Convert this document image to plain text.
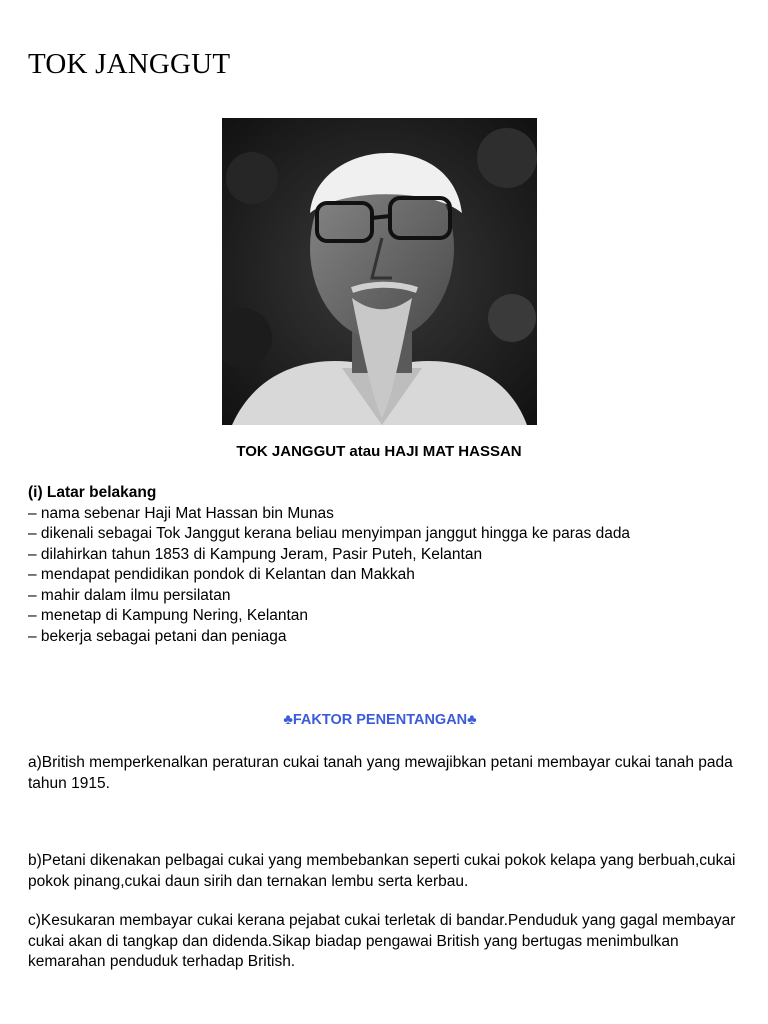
TOK JANGGUT
TOK JANGGUT atau HAJI MAT HASSAN
(i) Latar belakang
– nama sebenar Haji Mat Hassan bin Munas
– dikenali sebagai Tok Janggut kerana beliau menyimpan janggut hingga ke paras dada
– dilahirkan tahun 1853 di Kampung Jeram, Pasir Puteh, Kelantan
– mendapat pendidikan pondok di Kelantan dan Makkah
– mahir dalam ilmu persilatan
– menetap di Kampung Nering, Kelantan
– bekerja sebagai petani dan peniaga
♣FAKTOR PENENTANGAN♣

a)British memperkenalkan peraturan cukai tanah yang mewajibkan petani membayar cukai tanah pada tahun 1915.

b)Petani dikenakan pelbagai cukai yang membebankan seperti cukai pokok kelapa yang berbuah,cukai pokok pinang,cukai daun sirih dan ternakan lembu serta kerbau.

c)Kesukaran membayar cukai kerana pejabat cukai terletak di bandar.Penduduk yang gagal membayar cukai akan di tangkap dan didenda.Sikap biadap pengawai British yang bertugas menimbulkan kemarahan penduduk terhadap British.
